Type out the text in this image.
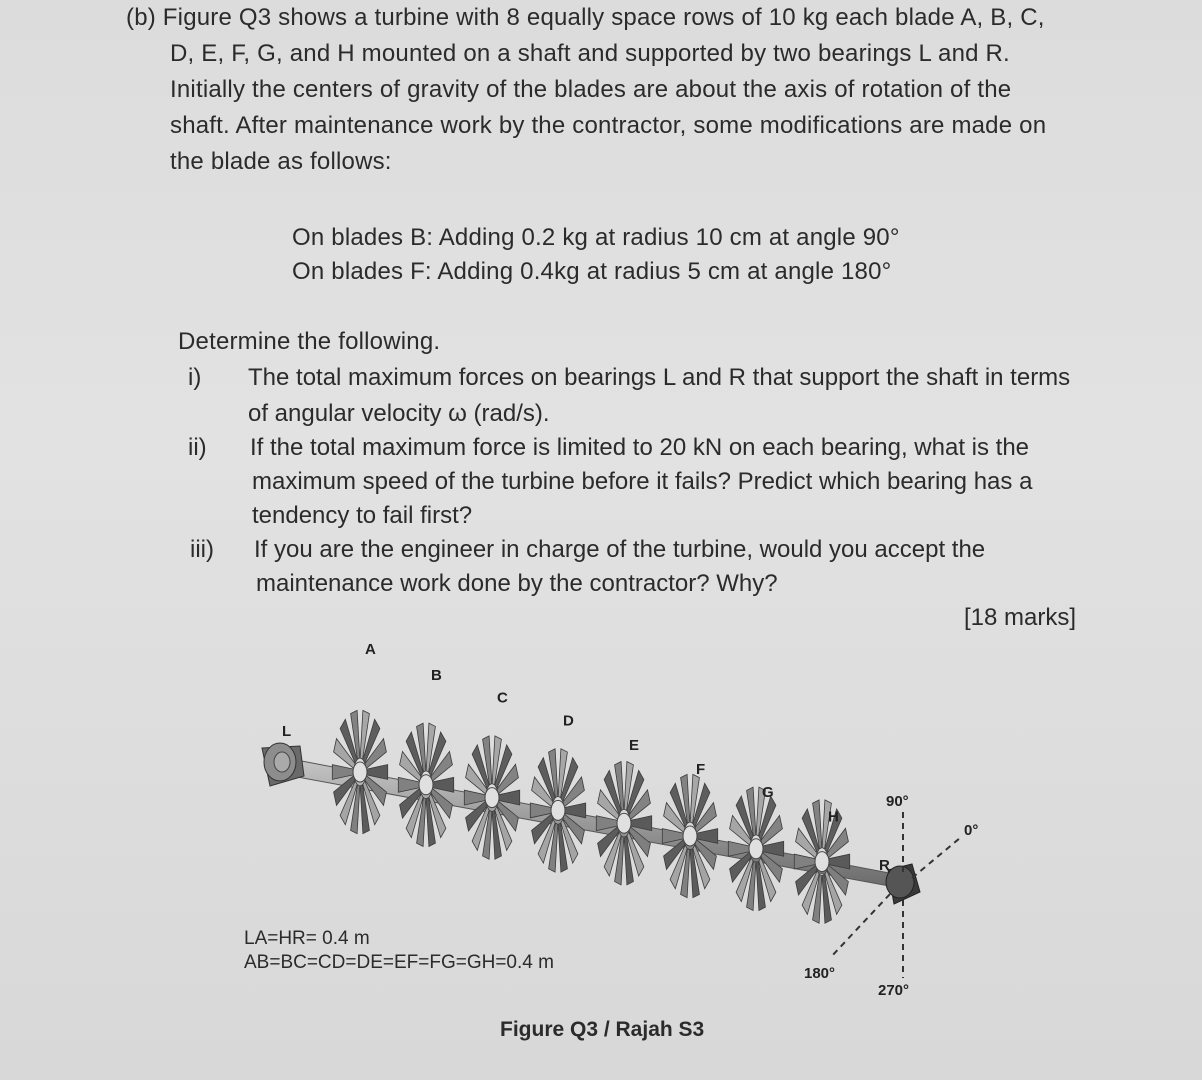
(b) Figure Q3 shows a turbine with 8 equally space rows of 10 kg each blade A, B, C,
D, E, F, G, and H mounted on a shaft and supported by two bearings L and R.
Initially the centers of gravity of the blades are about the axis of rotation of the
shaft. After maintenance work by the contractor, some modifications are made on
the blade as follows:
On blades B: Adding 0.2 kg at radius 10 cm at angle 90°
On blades F: Adding 0.4kg at radius 5 cm at angle 180°
Determine the following.
i) The total maximum forces on bearings L and R that support the shaft in terms
of angular velocity ω (rad/s).
ii) If the total maximum force is limited to 20 kN on each bearing, what is the
maximum speed of the turbine before it fails? Predict which bearing has a
tendency to fail first?
iii) If you are the engineer in charge of the turbine, would you accept the
maintenance work done by the contractor? Why?
[18 marks]
L
R
90°
0°
180°
270°
A
B
C
D
E
F
G
H
LA=HR= 0.4 m
AB=BC=CD=DE=EF=FG=GH=0.4 m
Figure Q3 / Rajah S3
